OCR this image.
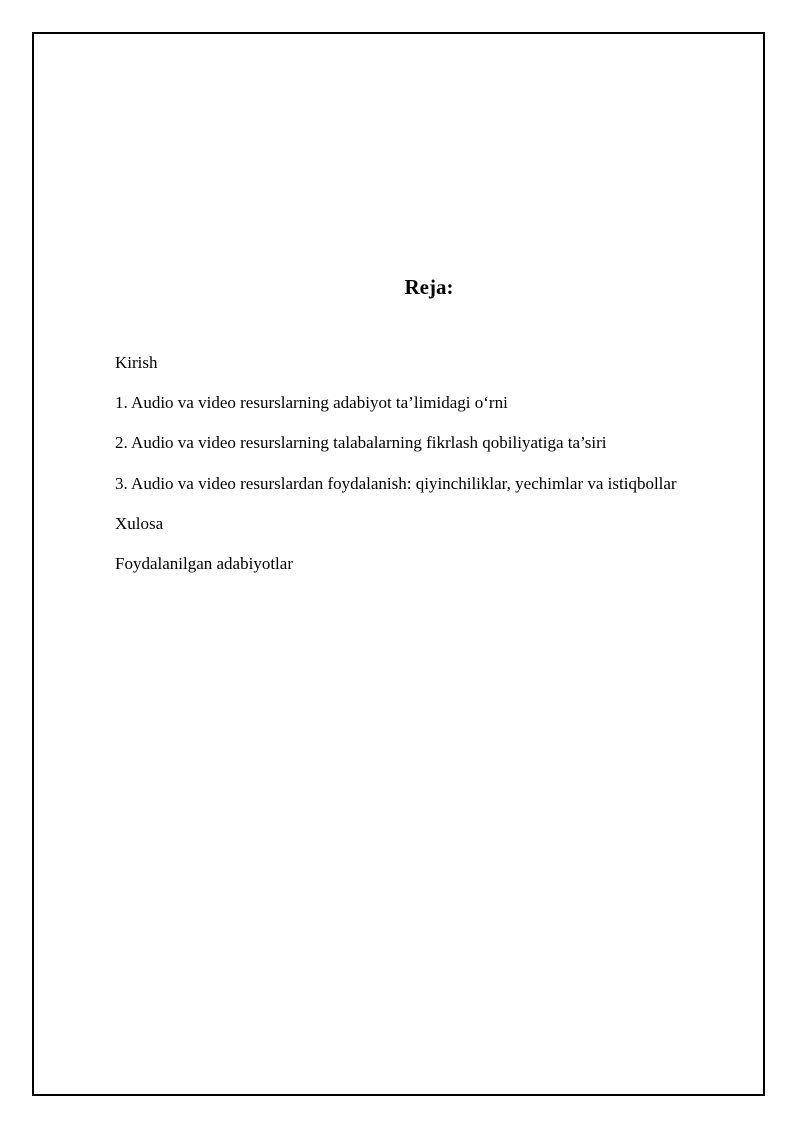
Reja:
Kirish
1. Audio va video resurslarning adabiyot ta’limidagi o‘rni
2. Audio va video resurslarning talabalarning fikrlash qobiliyatiga ta’siri
3. Audio va video resurslardan foydalanish: qiyinchiliklar, yechimlar va istiqbollar
Xulosa
Foydalanilgan adabiyotlar
